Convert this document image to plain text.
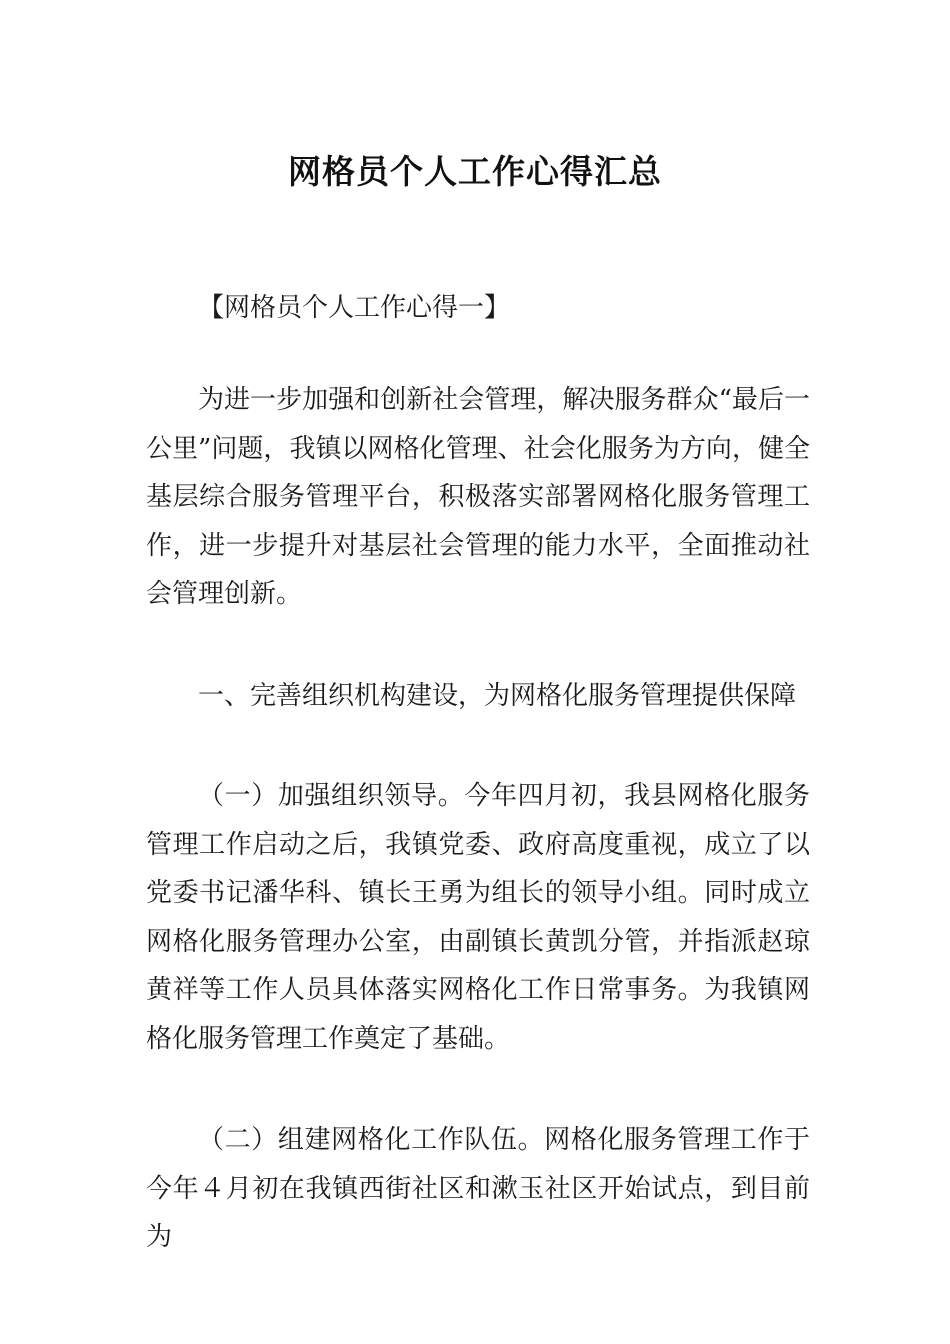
网格员个人工作心得汇总

【网格员个人工作心得一】

为进一步加强和创新社会管理，解决服务群众“最后一公里”问题，我镇以网格化管理、社会化服务为方向，健全基层综合服务管理平台，积极落实部署网格化服务管理工作，进一步提升对基层社会管理的能力水平，全面推动社会管理创新。

一、完善组织机构建设，为网格化服务管理提供保障

（一）加强组织领导。今年四月初，我县网格化服务管理工作启动之后，我镇党委、政府高度重视，成立了以党委书记潘华科、镇长王勇为组长的领导小组。同时成立网格化服务管理办公室，由副镇长黄凯分管，并指派赵琼黄祥等工作人员具体落实网格化工作日常事务。为我镇网格化服务管理工作奠定了基础。

（二）组建网格化工作队伍。网格化服务管理工作于今年４月初在我镇西街社区和漱玉社区开始试点，到目前为
